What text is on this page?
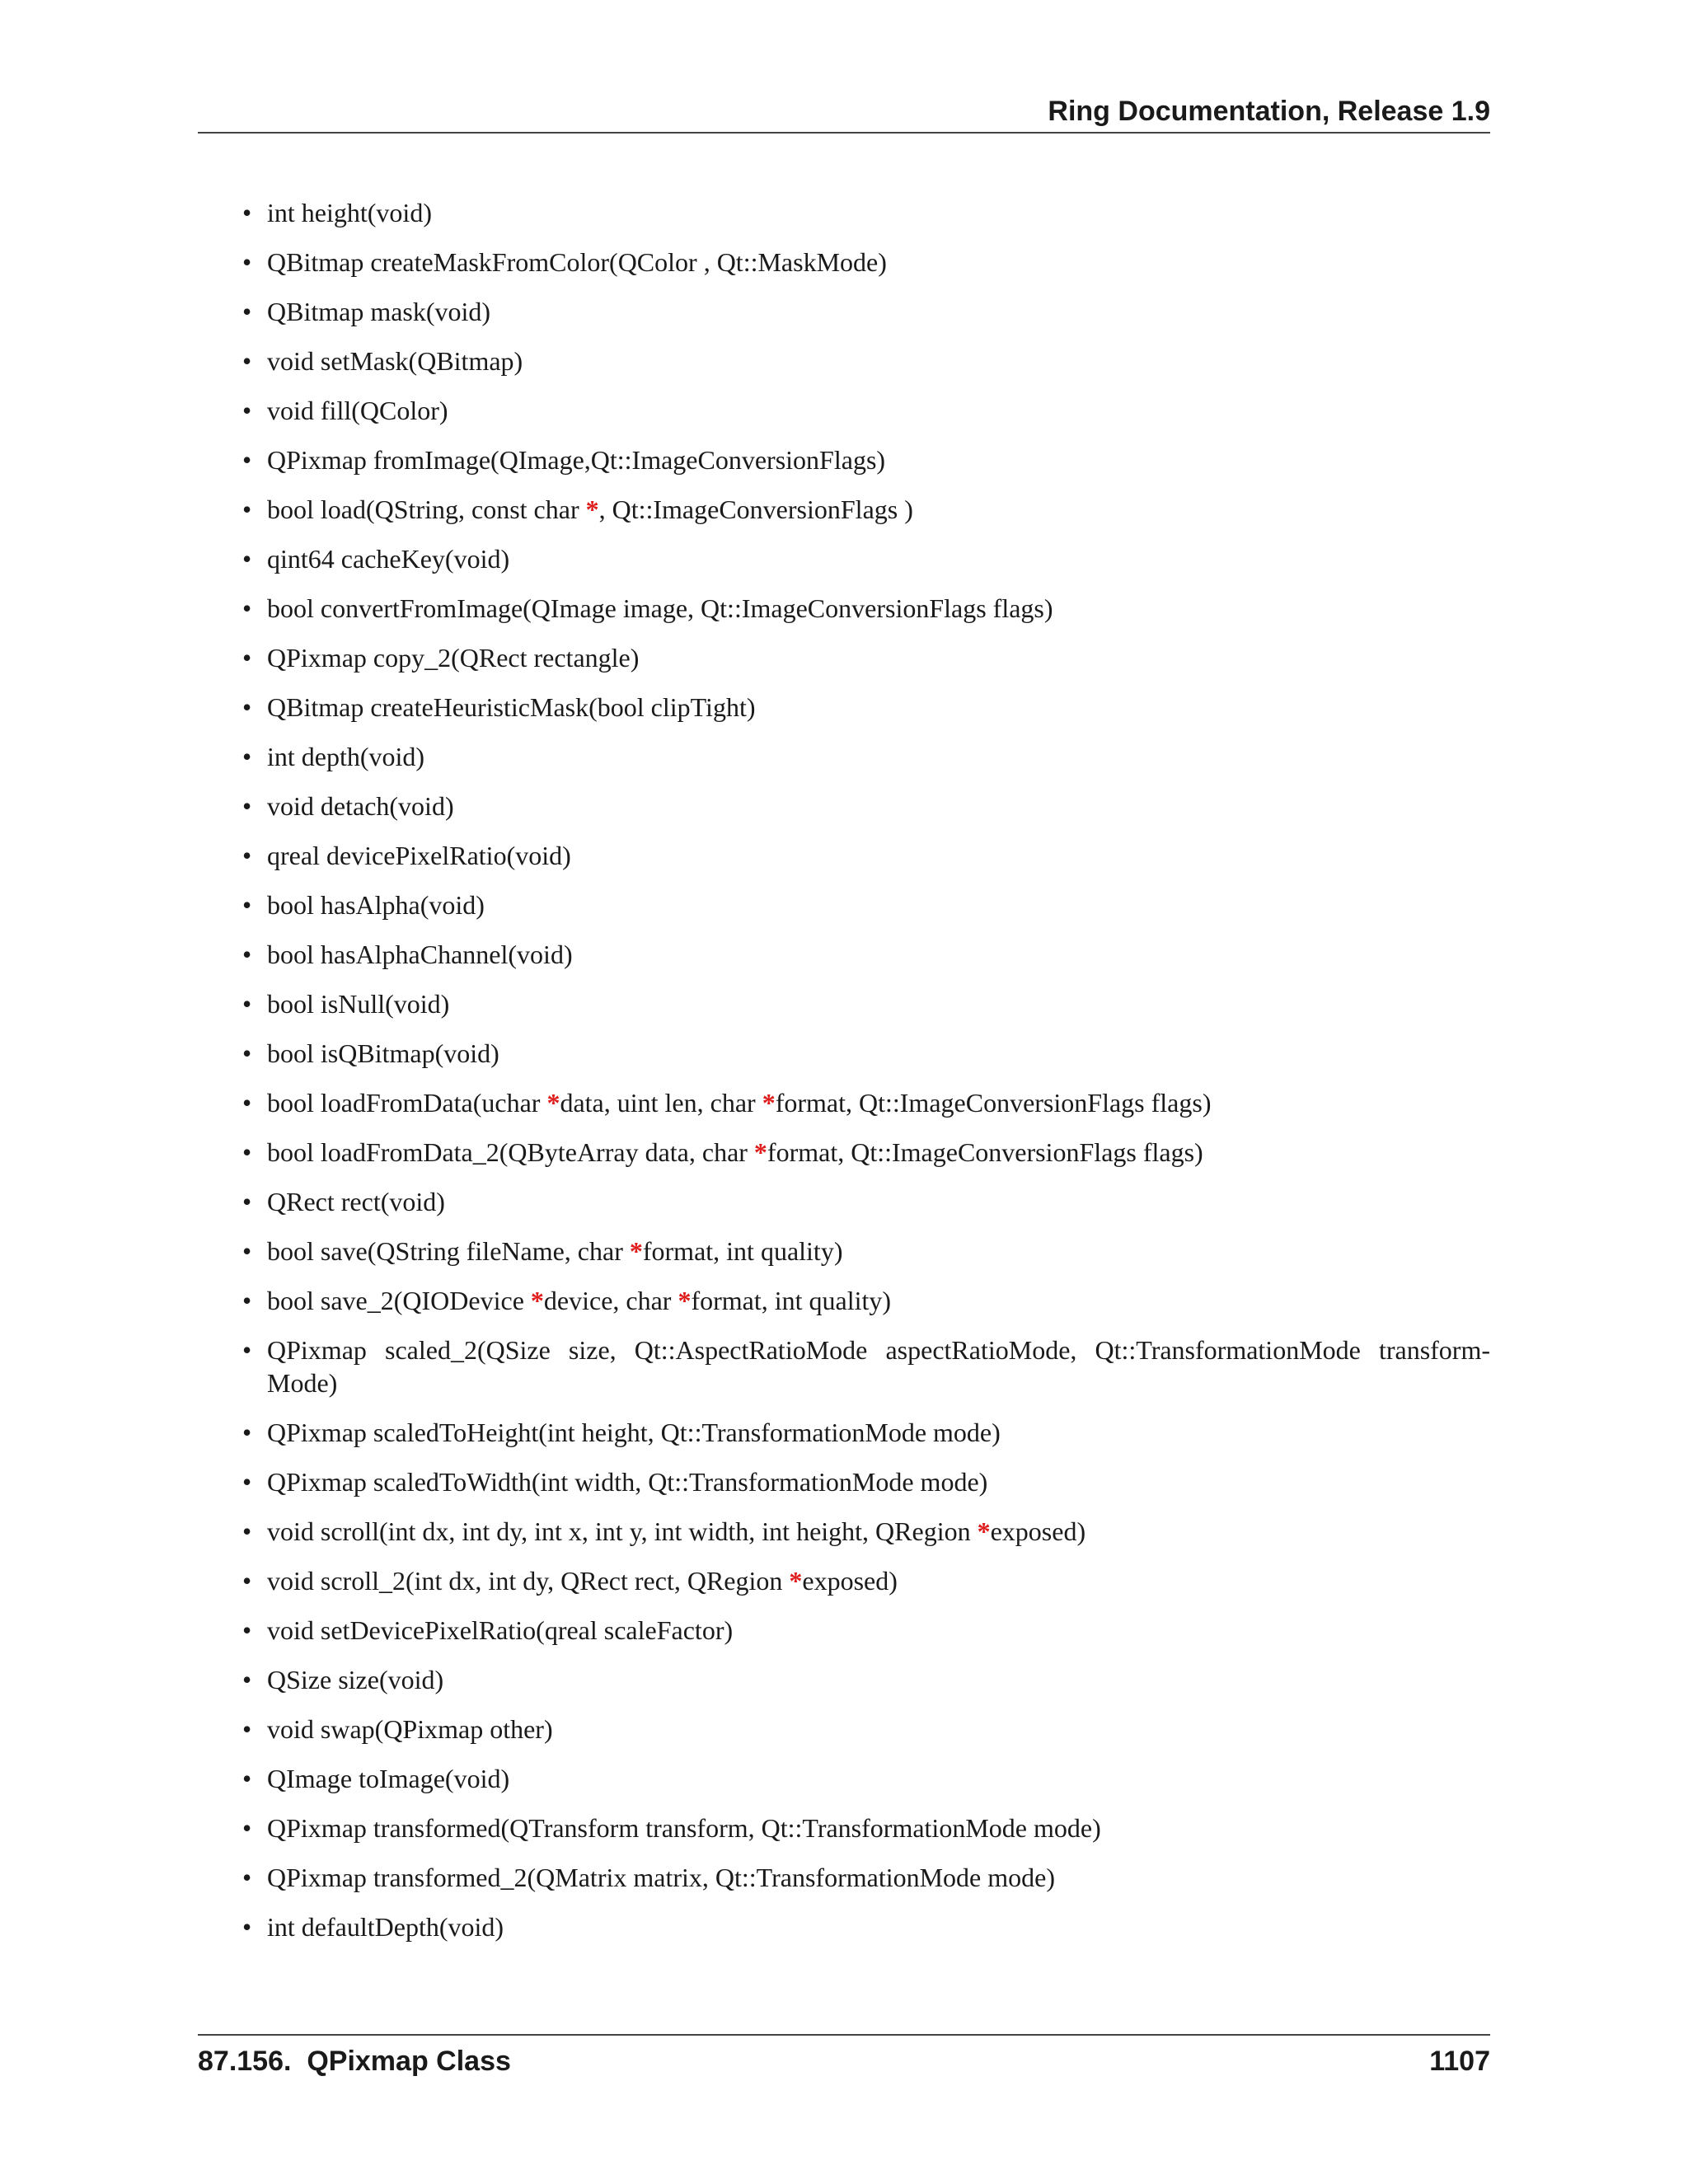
Ring Documentation, Release 1.9
• int height(void)
• QBitmap createMaskFromColor(QColor , Qt::MaskMode)
• QBitmap mask(void)
• void setMask(QBitmap)
• void fill(QColor)
• QPixmap fromImage(QImage,Qt::ImageConversionFlags)
• bool load(QString, const char *, Qt::ImageConversionFlags )
• qint64 cacheKey(void)
• bool convertFromImage(QImage image, Qt::ImageConversionFlags flags)
• QPixmap copy_2(QRect rectangle)
• QBitmap createHeuristicMask(bool clipTight)
• int depth(void)
• void detach(void)
• qreal devicePixelRatio(void)
• bool hasAlpha(void)
• bool hasAlphaChannel(void)
• bool isNull(void)
• bool isQBitmap(void)
• bool loadFromData(uchar *data, uint len, char *format, Qt::ImageConversionFlags flags)
• bool loadFromData_2(QByteArray data, char *format, Qt::ImageConversionFlags flags)
• QRect rect(void)
• bool save(QString fileName, char *format, int quality)
• bool save_2(QIODevice *device, char *format, int quality)
• QPixmap scaled_2(QSize size, Qt::AspectRatioMode aspectRatioMode, Qt::TransformationMode transform-Mode)
• QPixmap scaledToHeight(int height, Qt::TransformationMode mode)
• QPixmap scaledToWidth(int width, Qt::TransformationMode mode)
• void scroll(int dx, int dy, int x, int y, int width, int height, QRegion *exposed)
• void scroll_2(int dx, int dy, QRect rect, QRegion *exposed)
• void setDevicePixelRatio(qreal scaleFactor)
• QSize size(void)
• void swap(QPixmap other)
• QImage toImage(void)
• QPixmap transformed(QTransform transform, Qt::TransformationMode mode)
• QPixmap transformed_2(QMatrix matrix, Qt::TransformationMode mode)
• int defaultDepth(void)
87.156.  QPixmap Class	1107
